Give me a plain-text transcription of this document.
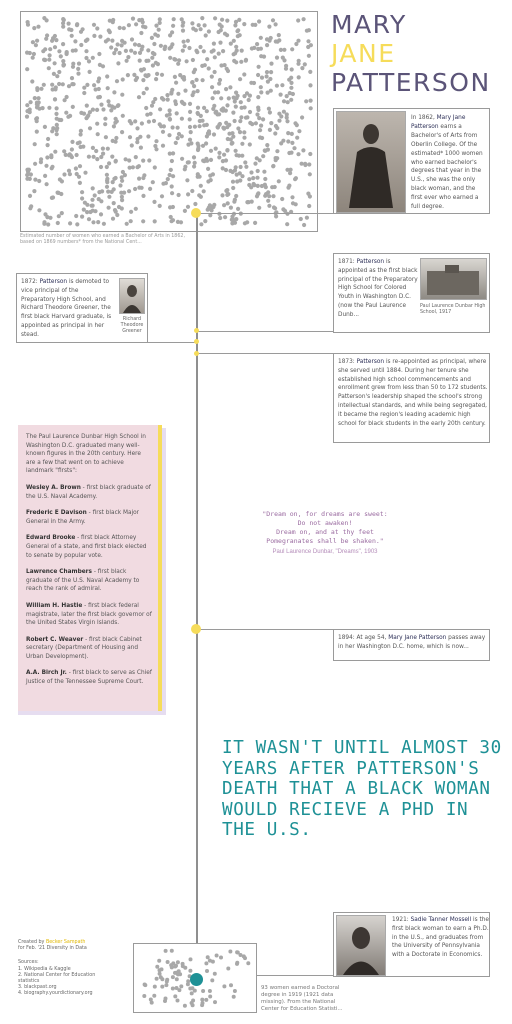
MARY
JANE
PATTERSON
Estimated number of women who earned a Bachelor of Arts in 1862, based on 1869 numbers* from the National Cent...
In 1862, Mary Jane Patterson earns a Bachelor's of Arts from Oberlin College. Of the estimated* 1000 women who earned bachelor's degrees that year in the U.S., she was the only black woman, and the first ever who earned a full degree.
1871: Patterson is appointed as the first black principal of the Preparatory High School for Colored Youth in Washington D.C. (now the Paul Laurence Dunb...
Paul Laurence Dunbar High School, 1917
1872: Patterson is demoted to vice principal of the Preparatory High School, and Richard Theodore Greener, the first black Harvard graduate, is appointed as principal in her stead.
Richard Theodore Greener
1873: Patterson is re-appointed as principal, where she served until 1884. During her tenure she established high school commencements and enrollment grew from less than 50 to 172 students. Patterson's leadership shaped the school's strong intellectual standards, and while being segregated, it became the region's leading academic high school for black students in the early 20th century.

The Paul Laurence Dunbar High School in Washington D.C. graduated many well-known figures in the 20th century. Here are a few that went on to achieve landmark "firsts":

Wesley A. Brown - first black graduate of the U.S. Naval Academy.

Frederic E Davison - first black Major General in the Army.

Edward Brooke - first black Attorney General of a state, and first black elected to senate by popular vote.

Lawrence Chambers - first black graduate of the U.S. Naval Academy to reach the rank of admiral.

William H. Hastie - first black federal magistrate, later the first black governor of the United States Virgin Islands.

Robert C. Weaver - first black Cabinet secretary (Department of Housing and Urban Development).

A.A. Birch Jr. - first black to serve as Chief Justice of the Tennessee Supreme Court.

"Dream on, for dreams are sweet:
Do not awaken!
Dream on, and at thy feet
Pomegranates shall be shaken."
Paul Laurence Dunbar, "Dreams", 1903
1894: At age 54, Mary Jane Patterson passes away in her Washington D.C. home, which is now...
IT WASN'T UNTIL ALMOST 30 YEARS AFTER PATTERSON'S DEATH THAT A BLACK WOMAN WOULD RECIEVE A PHD IN THE U.S.
1921: Sadie Tanner Mossell is the first black woman to earn a Ph.D. in the U.S., and graduates from the University of Pennsylvania with a Doctorate in Economics.
93 women earned a Doctoral degree in 1919 (1921 data missing). From the National Center for Education Statisti...
Created by Becker Sampath
for Feb. '21 Diversity in Data
Sources:
1. Wikipedia & Kaggle
2. National Center for Education statistics
3. blackpast.org
4. biography.yourdictionary.org
